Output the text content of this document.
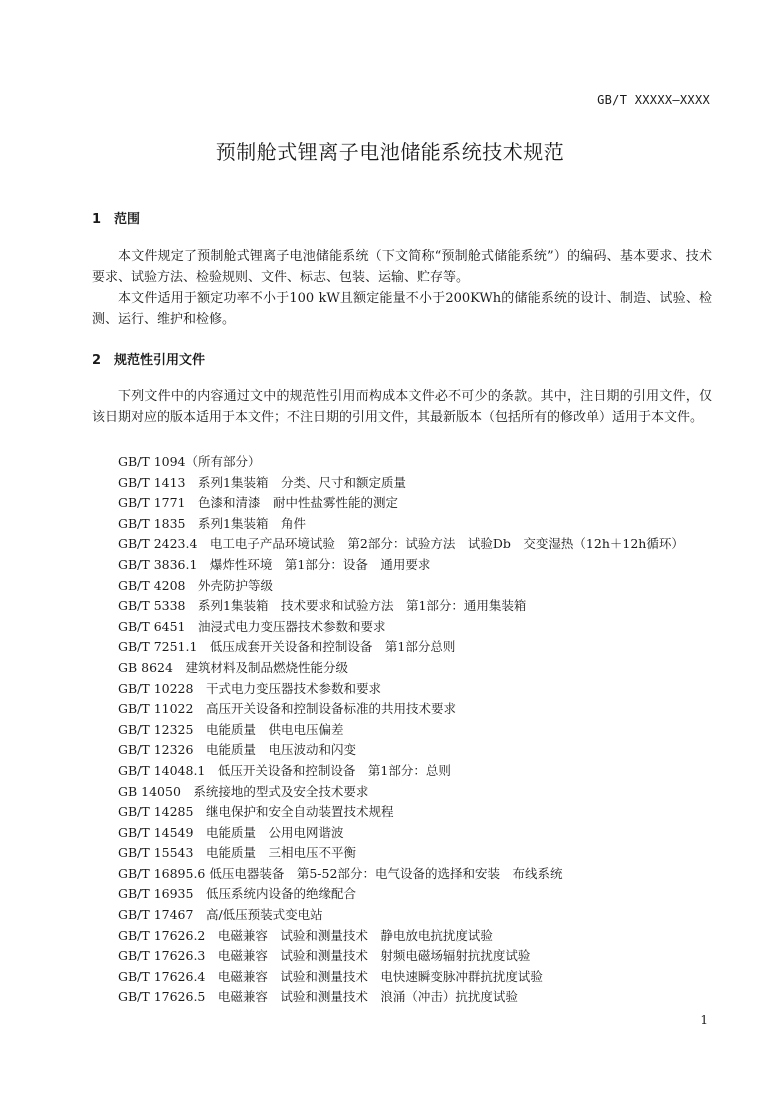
GB/T XXXXX—XXXX
预制舱式锂离子电池储能系统技术规范
1 范围
本文件规定了预制舱式锂离子电池储能系统（下文简称“预制舱式储能系统”）的编码、基本要求、技术要求、试验方法、检验规则、文件、标志、包装、运输、贮存等。
本文件适用于额定功率不小于100 kW且额定能量不小于200KWh的储能系统的设计、制造、试验、检测、运行、维护和检修。
2 规范性引用文件
下列文件中的内容通过文中的规范性引用而构成本文件必不可少的条款。其中，注日期的引用文件，仅该日期对应的版本适用于本文件；不注日期的引用文件，其最新版本（包括所有的修改单）适用于本文件。
GB/T 1094（所有部分）
GB/T 1413　系列1集装箱　分类、尺寸和额定质量
GB/T 1771　色漆和清漆　耐中性盐雾性能的测定
GB/T 1835　系列1集装箱　角件
GB/T 2423.4　电工电子产品环境试验　第2部分：试验方法　试验Db　交变湿热（12h＋12h循环）
GB/T 3836.1　爆炸性环境　第1部分：设备　通用要求
GB/T 4208　外壳防护等级
GB/T 5338　系列1集装箱　技术要求和试验方法　第1部分：通用集装箱
GB/T 6451　油浸式电力变压器技术参数和要求
GB/T 7251.1　低压成套开关设备和控制设备　第1部分总则
GB 8624　建筑材料及制品燃烧性能分级
GB/T 10228　干式电力变压器技术参数和要求
GB/T 11022　高压开关设备和控制设备标准的共用技术要求
GB/T 12325　电能质量　供电电压偏差
GB/T 12326　电能质量　电压波动和闪变
GB/T 14048.1　低压开关设备和控制设备　第1部分：总则
GB 14050　系统接地的型式及安全技术要求
GB/T 14285　继电保护和安全自动装置技术规程
GB/T 14549　电能质量　公用电网谐波
GB/T 15543　电能质量　三相电压不平衡
GB/T 16895.6 低压电器装备　第5-52部分：电气设备的选择和安装　布线系统
GB/T 16935　低压系统内设备的绝缘配合
GB/T 17467　高/低压预装式变电站
GB/T 17626.2　电磁兼容　试验和测量技术　静电放电抗扰度试验
GB/T 17626.3　电磁兼容　试验和测量技术　射频电磁场辐射抗扰度试验
GB/T 17626.4　电磁兼容　试验和测量技术　电快速瞬变脉冲群抗扰度试验
GB/T 17626.5　电磁兼容　试验和测量技术　浪涌（冲击）抗扰度试验
1
